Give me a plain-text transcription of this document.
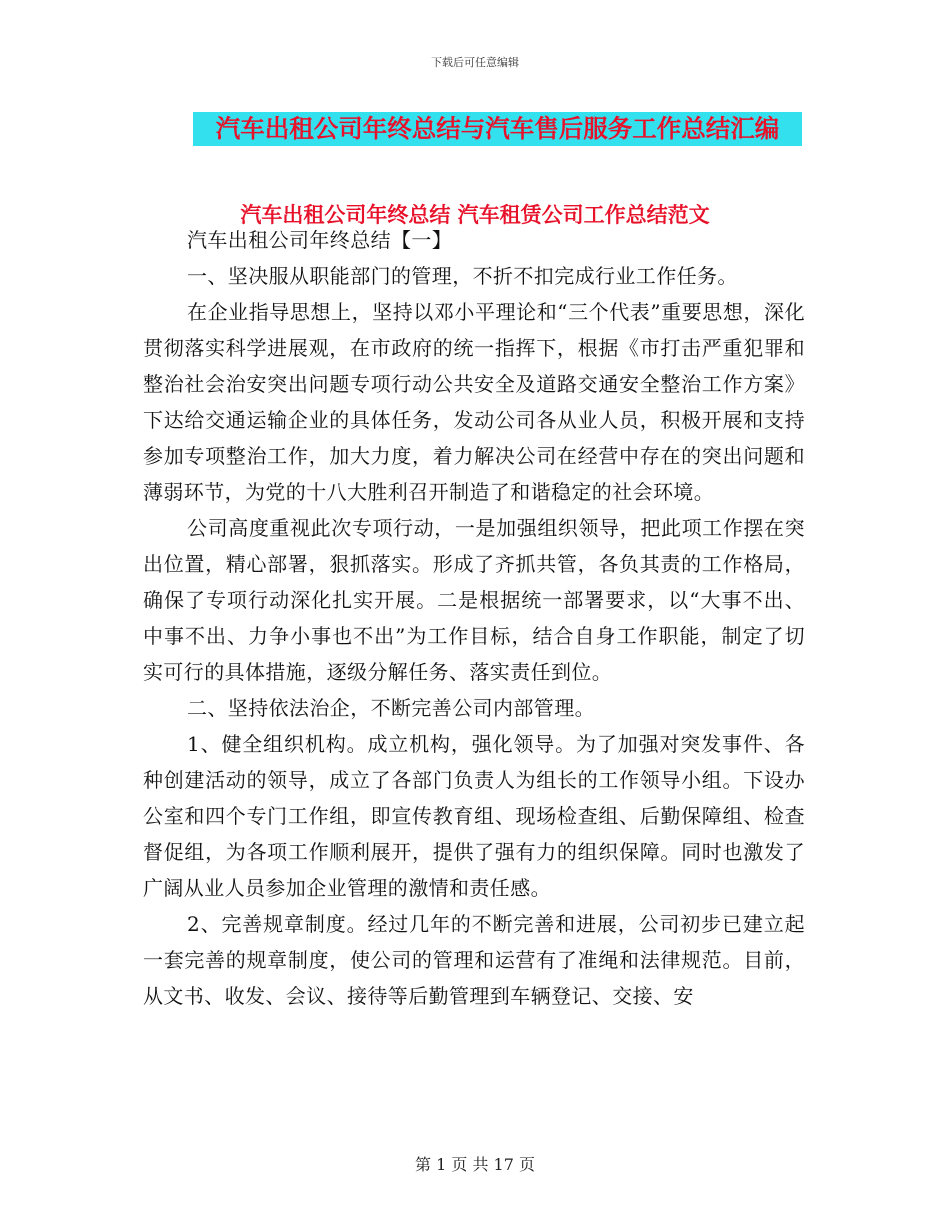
下载后可任意编辑
汽车出租公司年终总结与汽车售后服务工作总结汇编
汽车出租公司年终总结 汽车租赁公司工作总结范文

汽车出租公司年终总结【一】

一、坚决服从职能部门的管理，不折不扣完成行业工作任务。

在企业指导思想上，坚持以邓小平理论和“三个代表”重要思想，深化贯彻落实科学进展观，在市政府的统一指挥下，根据《市打击严重犯罪和整治社会治安突出问题专项行动公共安全及道路交通安全整治工作方案》下达给交通运输企业的具体任务，发动公司各从业人员，积极开展和支持参加专项整治工作，加大力度，着力解决公司在经营中存在的突出问题和薄弱环节，为党的十八大胜利召开制造了和谐稳定的社会环境。

公司高度重视此次专项行动，一是加强组织领导，把此项工作摆在突出位置，精心部署，狠抓落实。形成了齐抓共管，各负其责的工作格局，确保了专项行动深化扎实开展。二是根据统一部署要求，以“大事不出、中事不出、力争小事也不出”为工作目标，结合自身工作职能，制定了切实可行的具体措施，逐级分解任务、落实责任到位。

二、坚持依法治企，不断完善公司内部管理。

1、健全组织机构。成立机构，强化领导。为了加强对突发事件、各种创建活动的领导，成立了各部门负责人为组长的工作领导小组。下设办公室和四个专门工作组，即宣传教育组、现场检查组、后勤保障组、检查督促组，为各项工作顺利展开，提供了强有力的组织保障。同时也激发了广阔从业人员参加企业管理的激情和责任感。

2、完善规章制度。经过几年的不断完善和进展，公司初步已建立起一套完善的规章制度，使公司的管理和运营有了准绳和法律规范。目前，从文书、收发、会议、接待等后勤管理到车辆登记、交接、安

第 1 页 共 17 页
